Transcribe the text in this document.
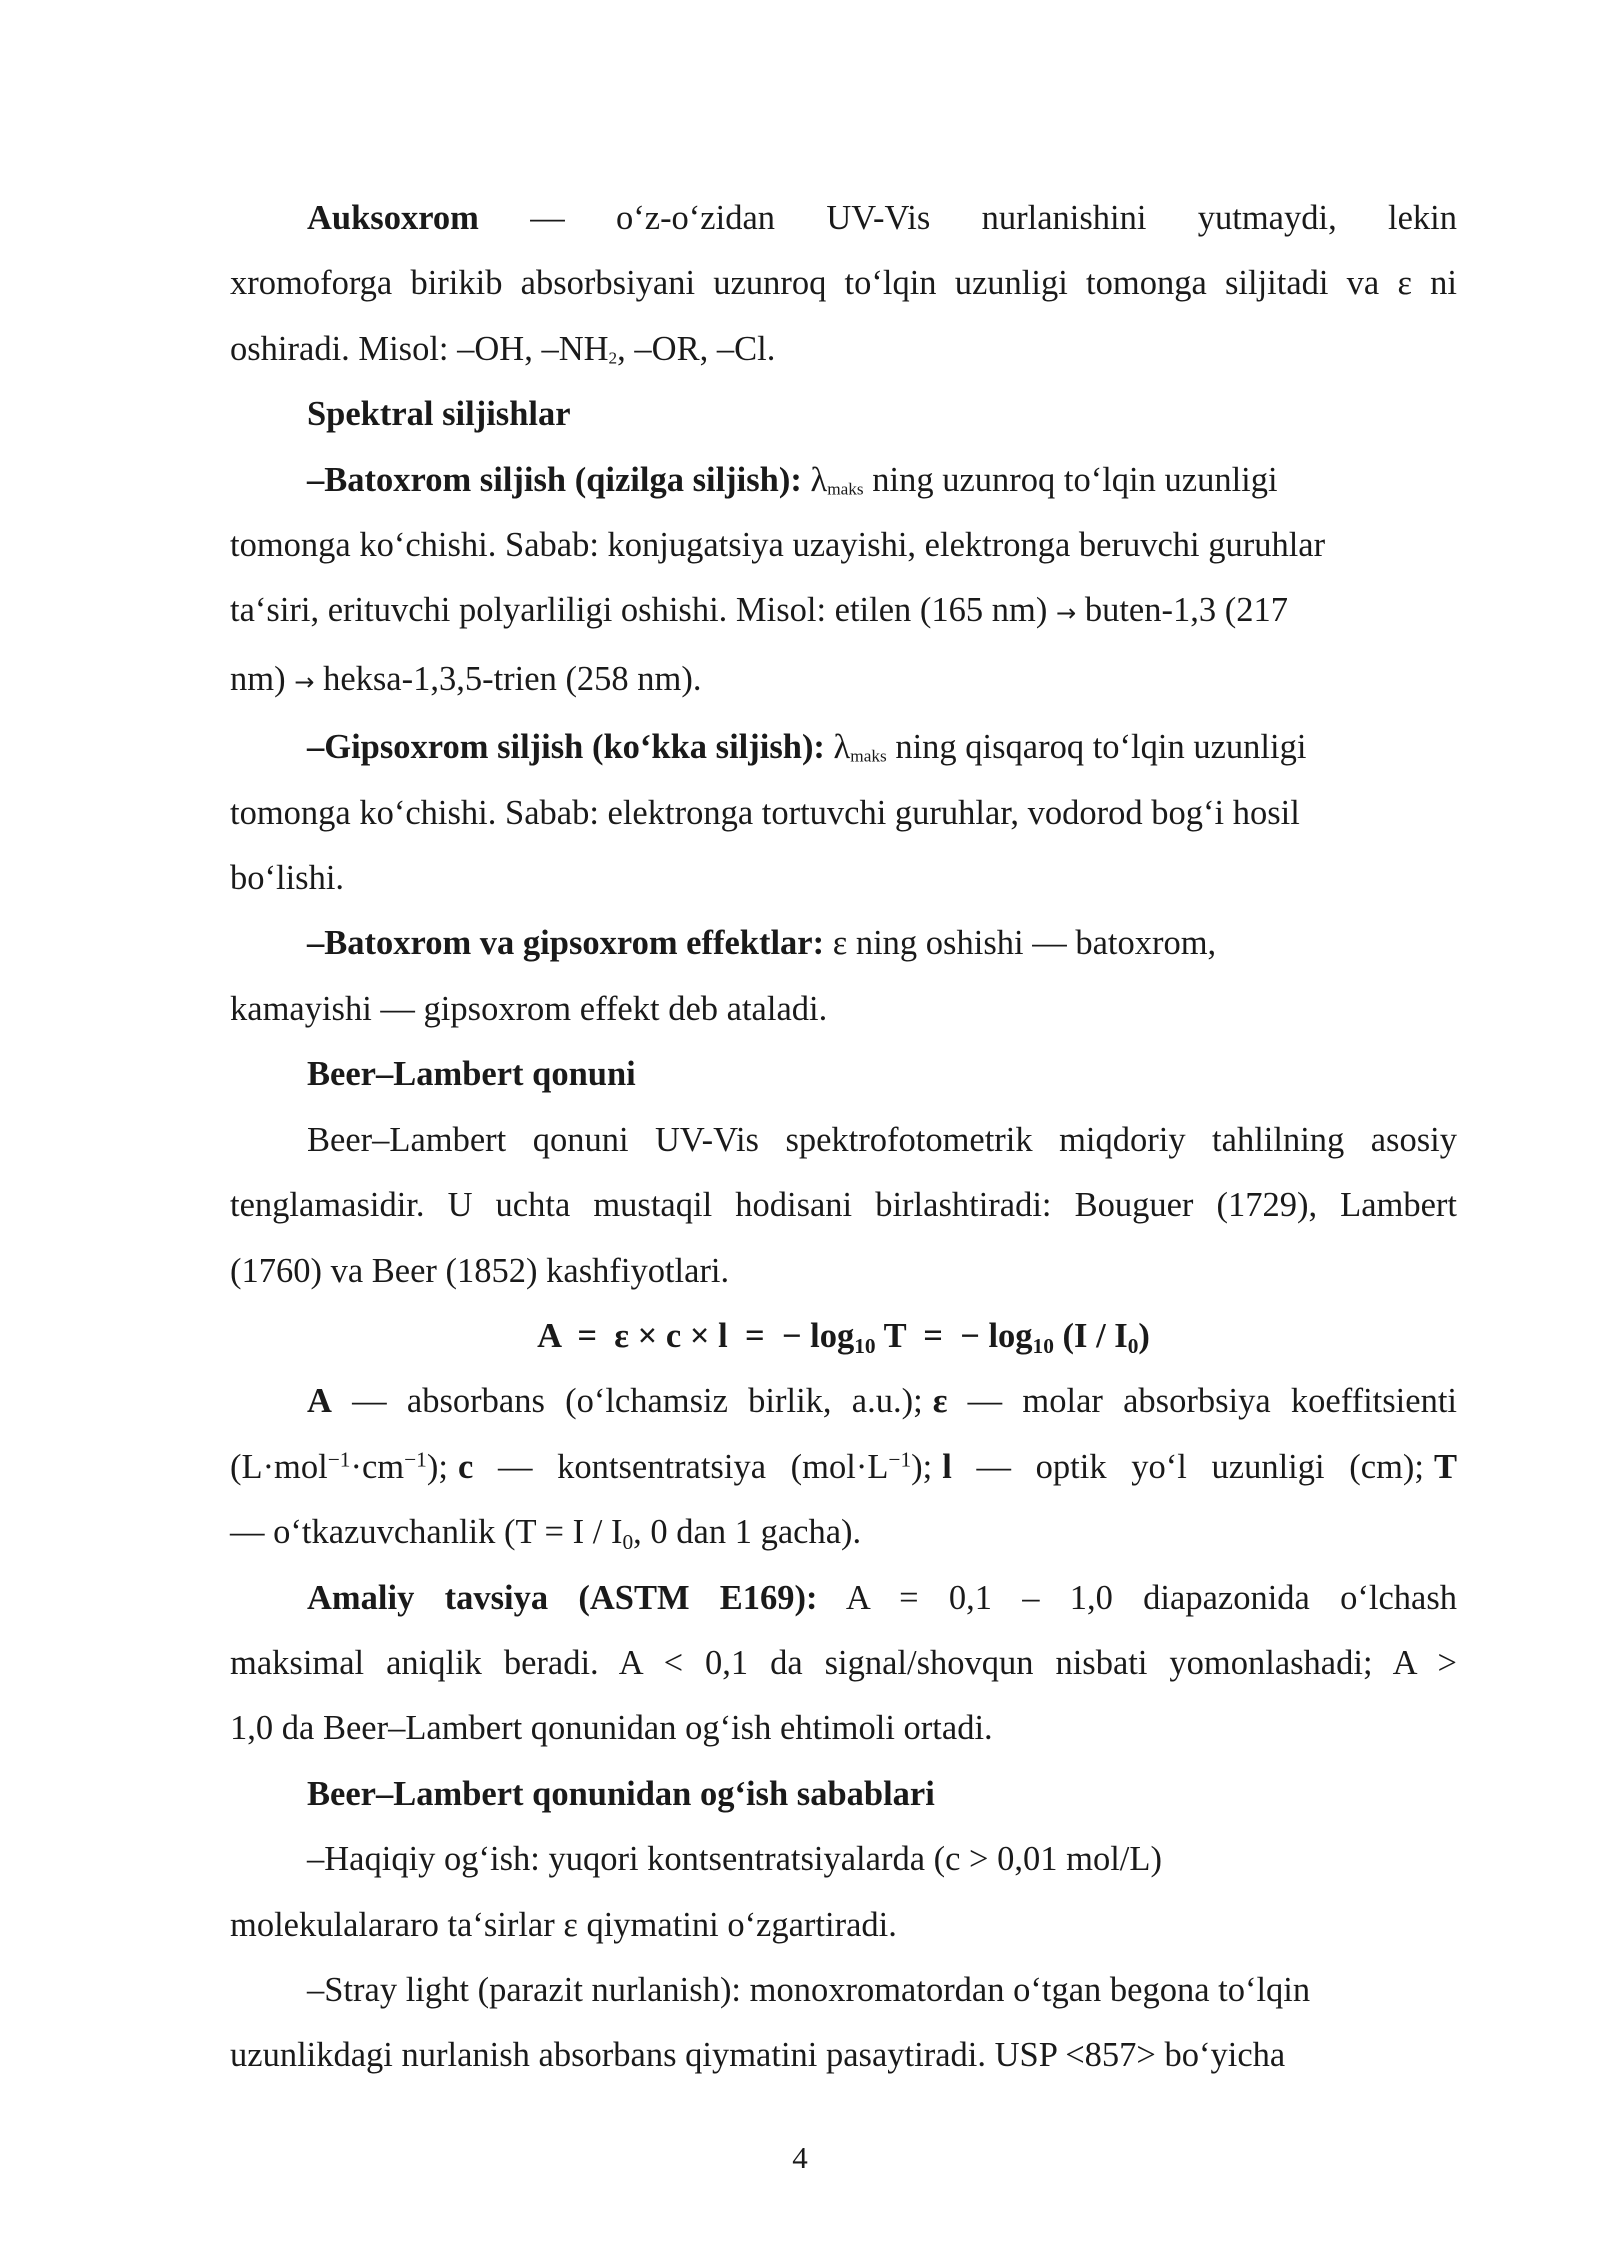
Auksoxrom — o‘z-o‘zidan UV-Vis nurlanishini yutmaydi, lekin

xromoforga birikib absorbsiyani uzunroq to‘lqin uzunligi tomonga siljitadi va ε ni

oshiradi. Misol: –OH, –NH2, –OR, –Cl.

Spektral siljishlar

–Batoxrom siljish (qizilga siljish): λmaks ning uzunroq to‘lqin uzunligi

tomonga ko‘chishi. Sabab: konjugatsiya uzayishi, elektronga beruvchi guruhlar

ta‘siri, erituvchi polyarliligi oshishi. Misol: etilen (165 nm) → buten-1,3 (217

nm) → heksa-1,3,5-trien (258 nm).

–Gipsoxrom siljish (ko‘kka siljish): λmaks ning qisqaroq to‘lqin uzunligi

tomonga ko‘chishi. Sabab: elektronga tortuvchi guruhlar, vodorod bog‘i hosil

bo‘lishi.

–Batoxrom va gipsoxrom effektlar: ε ning oshishi — batoxrom,

kamayishi — gipsoxrom effekt deb ataladi.

Beer–Lambert qonuni

Beer–Lambert qonuni UV-Vis spektrofotometrik miqdoriy tahlilning asosiy

tenglamasidir. U uchta mustaqil hodisani birlashtiradi: Bouguer (1729), Lambert

(1760) va Beer (1852) kashfiyotlari.

A  =  ε × c × l  =  − $\log_{10} T$  =  − $\log_{10} (I / I_0)$

A — absorbans (o‘lchamsiz birlik, a.u.); ε — molar absorbsiya koeffitsienti

$(L\cdot mol^{-1}\cdot cm^{-1})$; c — kontsentratsiya $(mol\cdot L^{-1})$; l — optik yo‘l uzunligi (cm); T

— o‘tkazuvchanlik ($T = I / I_0$, 0 dan 1 gacha).

Amaliy tavsiya (ASTM E169): A = 0,1 – 1,0 diapazonida o‘lchash

maksimal aniqlik beradi. A < 0,1 da signal/shovqun nisbati yomonlashadi; A >

1,0 da Beer–Lambert qonunidan og‘ish ehtimoli ortadi.

Beer–Lambert qonunidan og‘ish sabablari

–Haqiqiy og‘ish: yuqori kontsentratsiyalarda (c > 0,01 mol/L)

molekulalararo ta‘sirlar ε qiymatini o‘zgartiradi.

–Stray light (parazit nurlanish): monoxromatordan o‘tgan begona to‘lqin

uzunlikdagi nurlanish absorbans qiymatini pasaytiradi. USP <857> bo‘yicha

4
